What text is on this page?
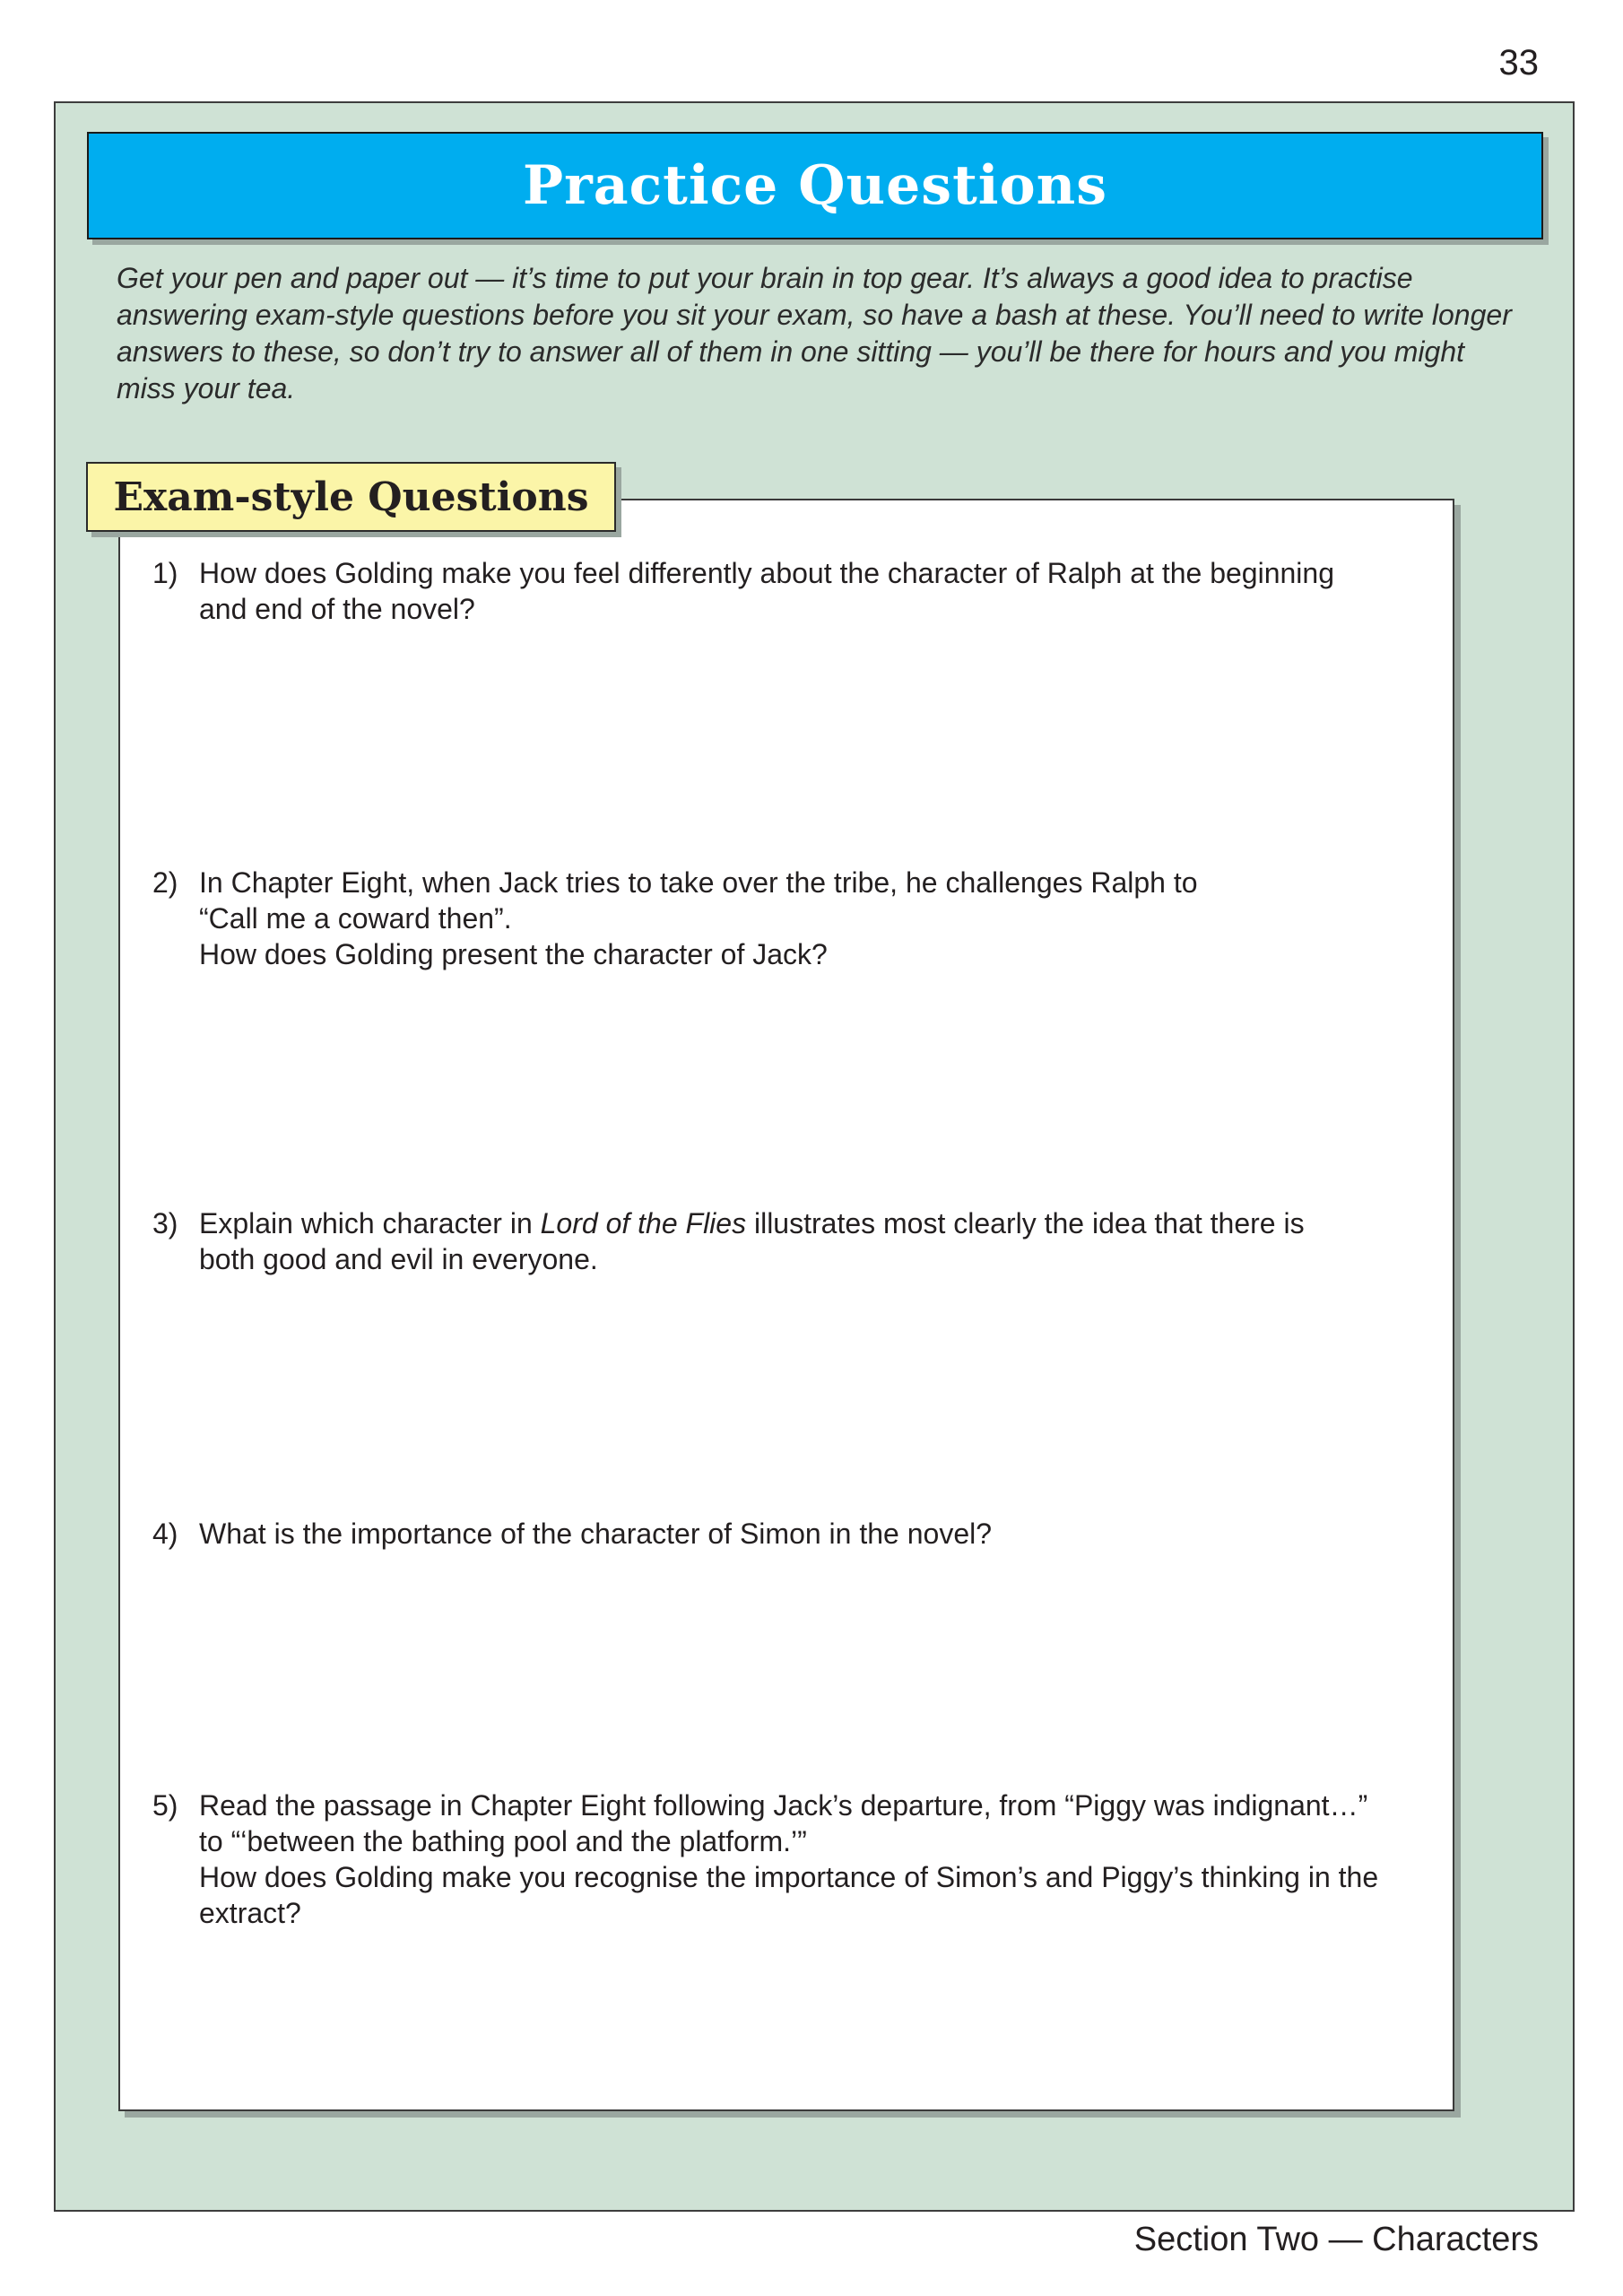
33
Practice Questions

Get your pen and paper out — it’s time to put your brain in top gear. It’s always a good idea to practise answering exam-style questions before you sit your exam, so have a bash at these. You’ll need to write longer answers to these, so don’t try to answer all of them in one sitting — you’ll be there for hours and you might miss your tea.

Exam-style Questions
1) How does Golding make you feel differently about the character of Ralph at the beginning
and end of the novel?
2) In Chapter Eight, when Jack tries to take over the tribe, he challenges Ralph to
“Call me a coward then”.
How does Golding present the character of Jack?
3) Explain which character in Lord of the Flies illustrates most clearly the idea that there is
both good and evil in everyone.
4) What is the importance of the character of Simon in the novel?
5) Read the passage in Chapter Eight following Jack’s departure, from “Piggy was indignant…”
to “‘between the bathing pool and the platform.’”
How does Golding make you recognise the importance of Simon’s and Piggy’s thinking in the
extract?
Section Two — Characters
